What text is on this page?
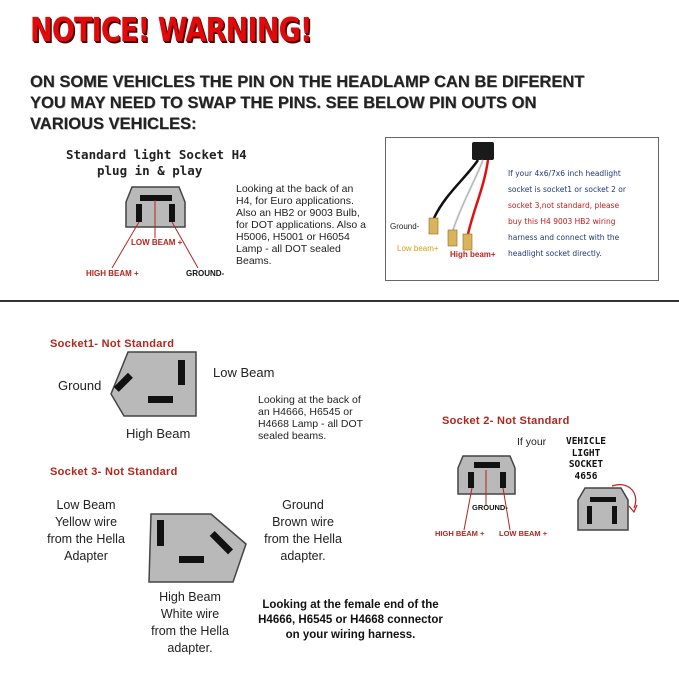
NOTICE! WARNING!
ON SOME VEHICLES THE PIN ON THE HEADLAMP CAN BE DIFERENT
YOU MAY NEED TO SWAP THE PINS. SEE BELOW PIN OUTS ON
VARIOUS VEHICLES:
Standard light Socket H4
plug in & play
LOW BEAM +
HIGH BEAM +	GROUND-
Looking at the back of an
H4, for Euro applications.
Also an HB2 or 9003 Bulb,
for DOT applications. Also a
H5006, H5001 or H6054
Lamp - all DOT sealed
Beams.
Ground-
Low beam+
High beam+
If your 4x6/7x6 inch headlight
socket is socket1 or socket 2 or
socket 3,not standard, please
buy this H4 9003 HB2 wiring
harness and connect with the
headlight socket directly.
Socket1- Not Standard
Ground
Low Beam
High Beam
Looking at the back of
an H4666, H6545 or
H4668 Lamp - all DOT
sealed beams.
Socket 2- Not Standard
If your	VEHICLE
LIGHT
SOCKET
4656
GROUND-
HIGH BEAM + LOW BEAM +
Socket 3- Not Standard
Low Beam
Yellow wire
from the Hella
Adapter
Ground
Brown wire
from the Hella
adapter.
High Beam
White wire
from the Hella
adapter.
Looking at the female end of the
H4666, H6545 or H4668 connector
on your wiring harness.
